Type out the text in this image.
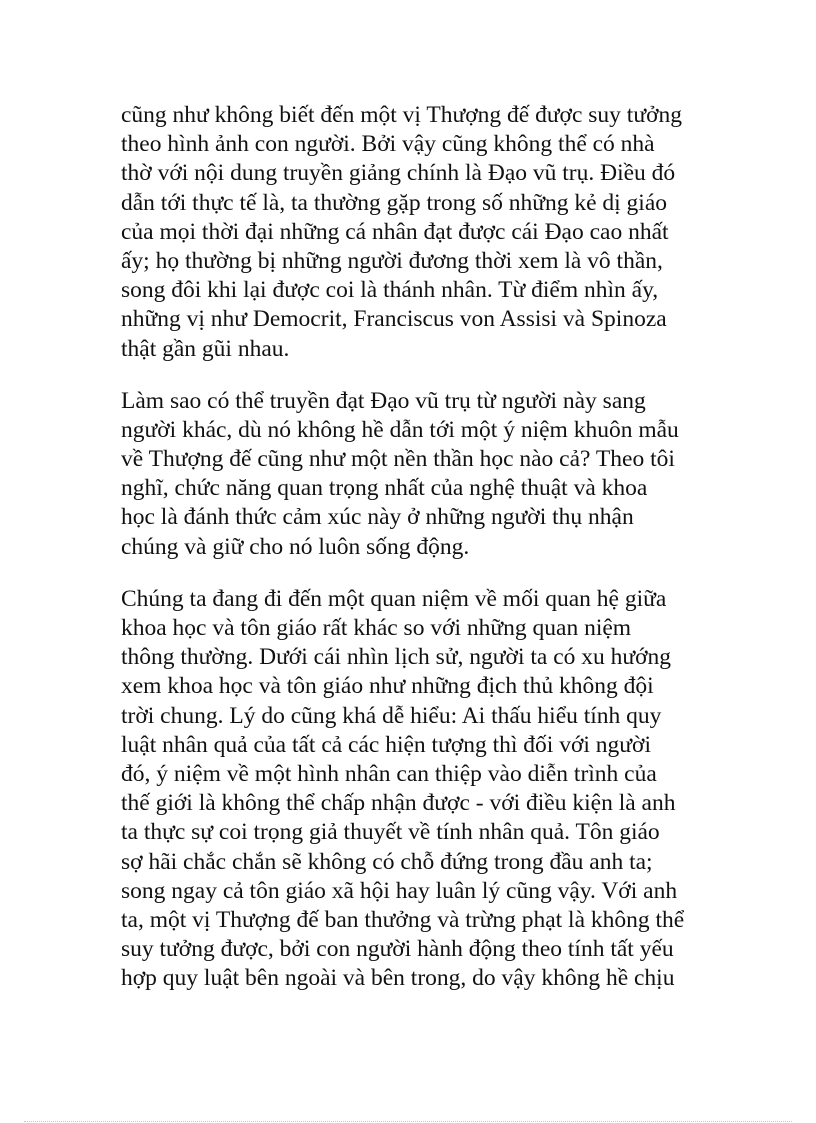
cũng như không biết đến một vị Thượng đế được suy tưởng
theo hình ảnh con người. Bởi vậy cũng không thể có nhà
thờ với nội dung truyền giảng chính là Đạo vũ trụ. Điều đó
dẫn tới thực tế là, ta thường gặp trong số những kẻ dị giáo
của mọi thời đại những cá nhân đạt được cái Đạo cao nhất
ấy; họ thường bị những người đương thời xem là vô thần,
song đôi khi lại được coi là thánh nhân. Từ điểm nhìn ấy,
những vị như Democrit, Franciscus von Assisi và Spinoza
thật gần gũi nhau.
Làm sao có thể truyền đạt Đạo vũ trụ từ người này sang
người khác, dù nó không hề dẫn tới một ý niệm khuôn mẫu
về Thượng đế cũng như một nền thần học nào cả? Theo tôi
nghĩ, chức năng quan trọng nhất của nghệ thuật và khoa
học là đánh thức cảm xúc này ở những người thụ nhận
chúng và giữ cho nó luôn sống động.
Chúng ta đang đi đến một quan niệm về mối quan hệ giữa
khoa học và tôn giáo rất khác so với những quan niệm
thông thường. Dưới cái nhìn lịch sử, người ta có xu hướng
xem khoa học và tôn giáo như những địch thủ không đội
trời chung. Lý do cũng khá dễ hiểu: Ai thấu hiểu tính quy
luật nhân quả của tất cả các hiện tượng thì đối với người
đó, ý niệm về một hình nhân can thiệp vào diễn trình của
thế giới là không thể chấp nhận được - với điều kiện là anh
ta thực sự coi trọng giả thuyết về tính nhân quả. Tôn giáo
sợ hãi chắc chắn sẽ không có chỗ đứng trong đầu anh ta;
song ngay cả tôn giáo xã hội hay luân lý cũng vậy. Với anh
ta, một vị Thượng đế ban thưởng và trừng phạt là không thể
suy tưởng được, bởi con người hành động theo tính tất yếu
hợp quy luật bên ngoài và bên trong, do vậy không hề chịu
